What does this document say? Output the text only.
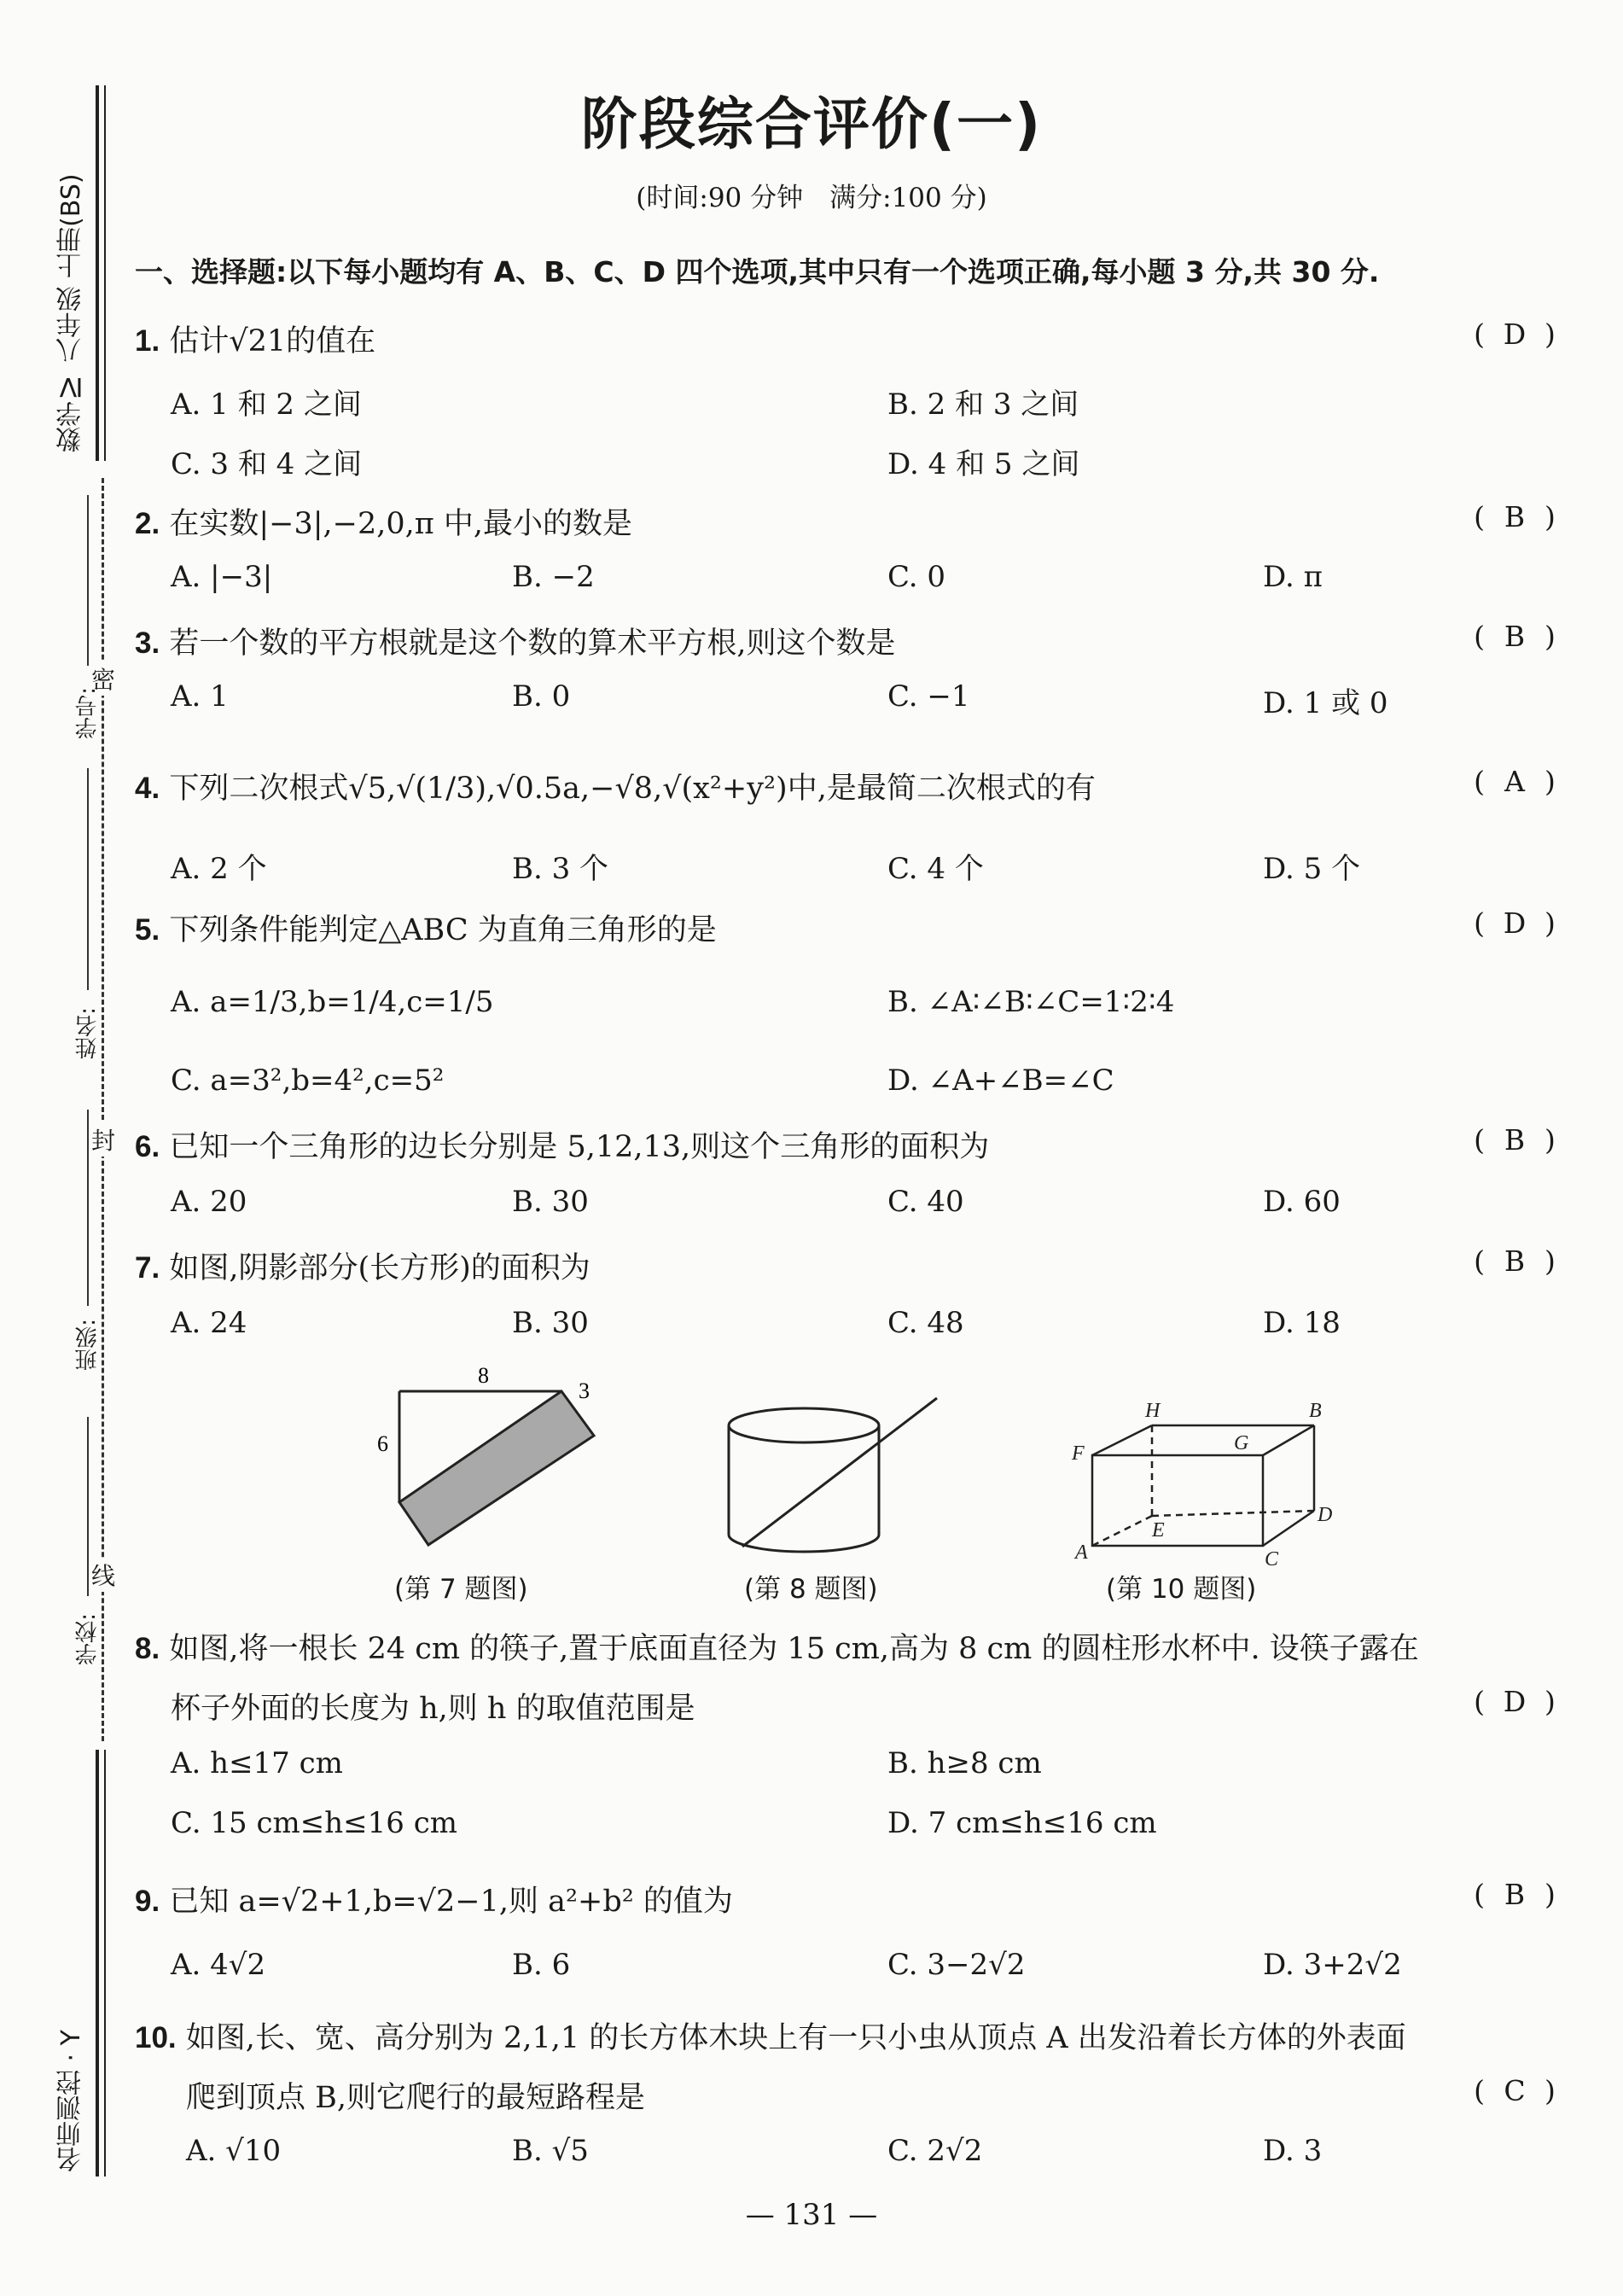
数学Ⅳ 八年级 上册(BS)
密
封
线
学号:
姓名:
班级:
学校:
名师测控 · Y
阶段综合评价(一)
(时间:90 分钟　满分:100 分)
一、选择题:以下每小题均有 A、B、C、D 四个选项,其中只有一个选项正确,每小题 3 分,共 30 分.
1. 估计√21的值在	( D )
A. 1 和 2 之间	B. 2 和 3 之间
C. 3 和 4 之间	D. 4 和 5 之间
2. 在实数|−3|,−2,0,π 中,最小的数是	( B )
A. |−3|	B. −2	C. 0	D. π
3. 若一个数的平方根就是这个数的算术平方根,则这个数是	( B )
A. 1	B. 0	C. −1	D. 1 或 0
4. 下列二次根式√5,√(1/3),√0.5a,−√8,√(x²+y²)中,是最简二次根式的有	( A )
A. 2 个	B. 3 个	C. 4 个	D. 5 个
5. 下列条件能判定△ABC 为直角三角形的是	( D )
A. a=1/3,b=1/4,c=1/5	B. ∠A∶∠B∶∠C=1∶2∶4
C. a=3²,b=4²,c=5²	D. ∠A+∠B=∠C
6. 已知一个三角形的边长分别是 5,12,13,则这个三角形的面积为	( B )
A. 20	B. 30	C. 40	D. 60
7. 如图,阴影部分(长方形)的面积为	( B )
A. 24	B. 30	C. 48	D. 18
8
6
3
(第 7 题图)	(第 8 题图)
H	B
F	G
D
A
E
C
(第 10 题图)
8. 如图,将一根长 24 cm 的筷子,置于底面直径为 15 cm,高为 8 cm 的圆柱形水杯中. 设筷子露在
杯子外面的长度为 h,则 h 的取值范围是	( D )
A. h≤17 cm	B. h≥8 cm
C. 15 cm≤h≤16 cm	D. 7 cm≤h≤16 cm
9. 已知 a=√2+1,b=√2−1,则 a²+b² 的值为	( B )
A. 4√2	B. 6	C. 3−2√2	D. 3+2√2
10. 如图,长、宽、高分别为 2,1,1 的长方体木块上有一只小虫从顶点 A 出发沿着长方体的外表面
爬到顶点 B,则它爬行的最短路程是	( C )
A. √10	B. √5	C. 2√2	D. 3
— 131 —
